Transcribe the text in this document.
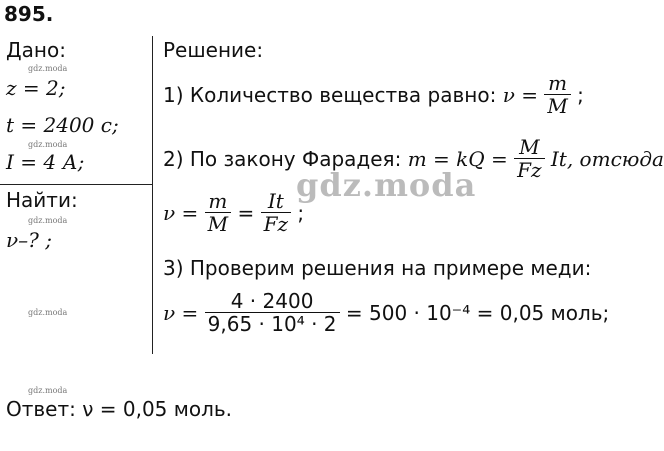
895.
Дано:
gdz.moda
z = 2;
t = 2400 с;
gdz.moda
I = 4 А;
Найти:
gdz.moda
ν–? ;
gdz.moda
Решение:
1) Количество вещества равно: $\nu = \frac{m}{M}$ ;
2) По закону Фарадея: m = kQ = $\frac{M}{Fz} It$, отсюда
$\nu = \frac{m}{M} = \frac{It}{Fz}$ ;
3) Проверим решения на примере меди:
$\nu = \frac{4 \cdot 2400}{\text{9,65 · 10⁴ · 2}} = 500 \cdot 10^{-4} = 0,05$ моль;
gdz.moda
gdz.moda
Ответ: ν = 0,05 моль.
